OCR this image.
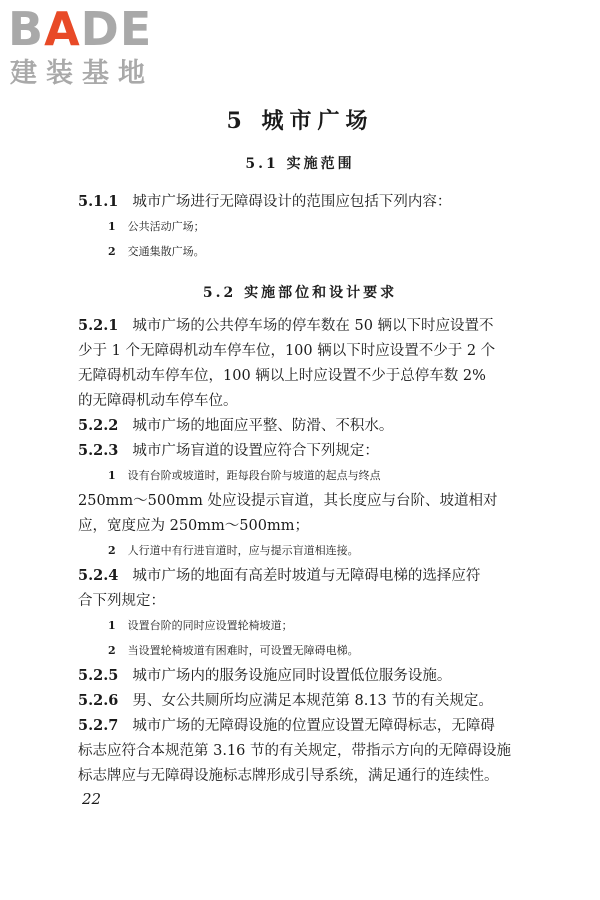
BADE
建装基地
5 城市广场
5.1 实施范围
5.1.1 城市广场进行无障碍设计的范围应包括下列内容：
1 公共活动广场；
2 交通集散广场。
5.2 实施部位和设计要求
5.2.1 城市广场的公共停车场的停车数在 50 辆以下时应设置不
少于 1 个无障碍机动车停车位，100 辆以下时应设置不少于 2 个
无障碍机动车停车位，100 辆以上时应设置不少于总停车数 2%
的无障碍机动车停车位。
5.2.2 城市广场的地面应平整、防滑、不积水。
5.2.3 城市广场盲道的设置应符合下列规定：
1 设有台阶或坡道时，距每段台阶与坡道的起点与终点
250mm～500mm 处应设提示盲道，其长度应与台阶、坡道相对
应，宽度应为 250mm～500mm；
2 人行道中有行进盲道时，应与提示盲道相连接。
5.2.4 城市广场的地面有高差时坡道与无障碍电梯的选择应符
合下列规定：
1 设置台阶的同时应设置轮椅坡道；
2 当设置轮椅坡道有困难时，可设置无障碍电梯。
5.2.5 城市广场内的服务设施应同时设置低位服务设施。
5.2.6 男、女公共厕所均应满足本规范第 8.13 节的有关规定。
5.2.7 城市广场的无障碍设施的位置应设置无障碍标志，无障碍
标志应符合本规范第 3.16 节的有关规定，带指示方向的无障碍设施
标志牌应与无障碍设施标志牌形成引导系统，满足通行的连续性。
22
